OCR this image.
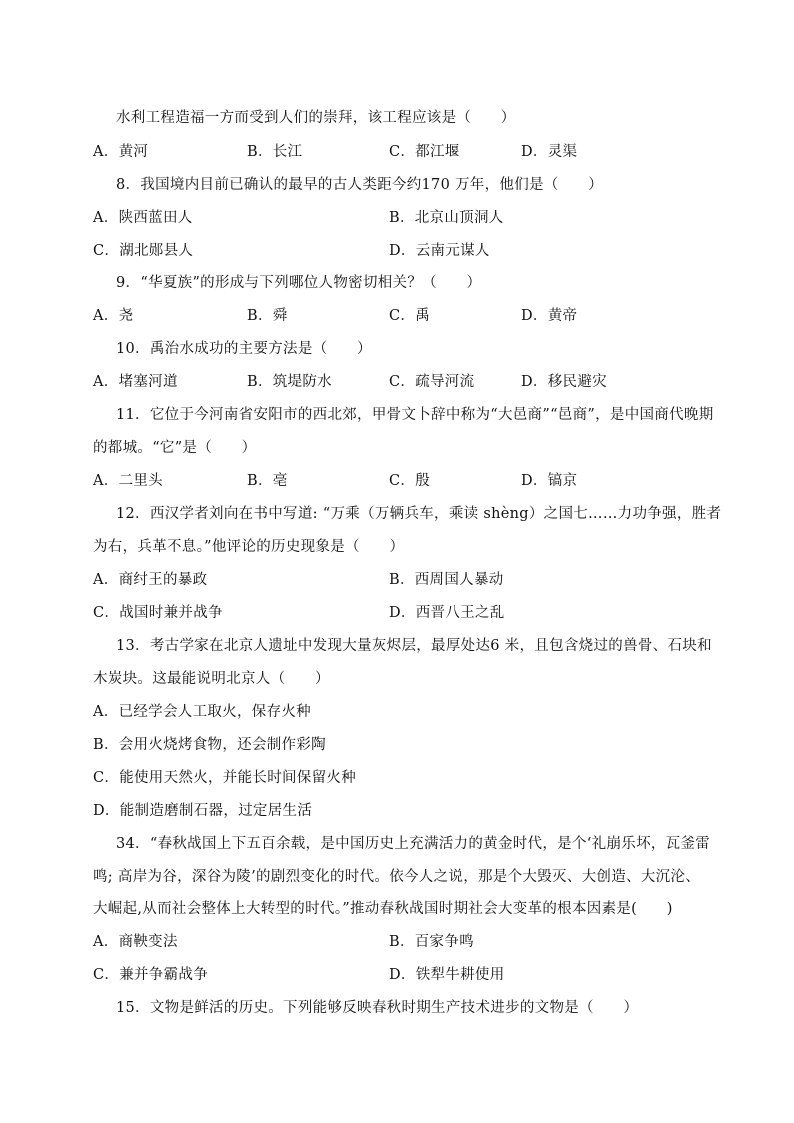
水利工程造福一方而受到人们的崇拜，该工程应该是（　　）
A．黄河	B．长江	C．都江堰	D．灵渠
8．我国境内目前已确认的最早的古人类距今约170 万年，他们是（　　）
A．陕西蓝田人	B．北京山顶洞人
C．湖北郧县人	D．云南元谋人
9．“华夏族”的形成与下列哪位人物密切相关？（　　）
A．尧	B．舜	C．禹	D．黄帝
10．禹治水成功的主要方法是（　　）
A．堵塞河道	B．筑堤防水	C．疏导河流	D．移民避灾
11．它位于今河南省安阳市的西北郊，甲骨文卜辞中称为“大邑商”“邑商”，是中国商代晚期
的都城。“它”是（　　）
A．二里头	B．亳	C．殷	D．镐京
12．西汉学者刘向在书中写道: “万乘（万辆兵车，乘读 shèng）之国七……力功争强，胜者
为右，兵革不息。”他评论的历史现象是（　　）
A．商纣王的暴政	B．西周国人暴动
C．战国时兼并战争	D．西晋八王之乱
13．考古学家在北京人遗址中发现大量灰烬层，最厚处达6 米，且包含烧过的兽骨、石块和
木炭块。这最能说明北京人（　　）
A．已经学会人工取火，保存火种
B．会用火烧烤食物，还会制作彩陶
C．能使用天然火，并能长时间保留火种
D．能制造磨制石器，过定居生活
34．“春秋战国上下五百余载，是中国历史上充满活力的黄金时代，是个‘礼崩乐坏，瓦釜雷
鸣; 高岸为谷，深谷为陵’的剧烈变化的时代。依今人之说，那是个大毁灭、大创造、大沉沦、
大崛起,从而社会整体上大转型的时代。”推动春秋战国时期社会大变革的根本因素是(　　)
A．商鞅变法	B．百家争鸣
C．兼并争霸战争	D．铁犁牛耕使用
15．文物是鲜活的历史。下列能够反映春秋时期生产技术进步的文物是（　　）
